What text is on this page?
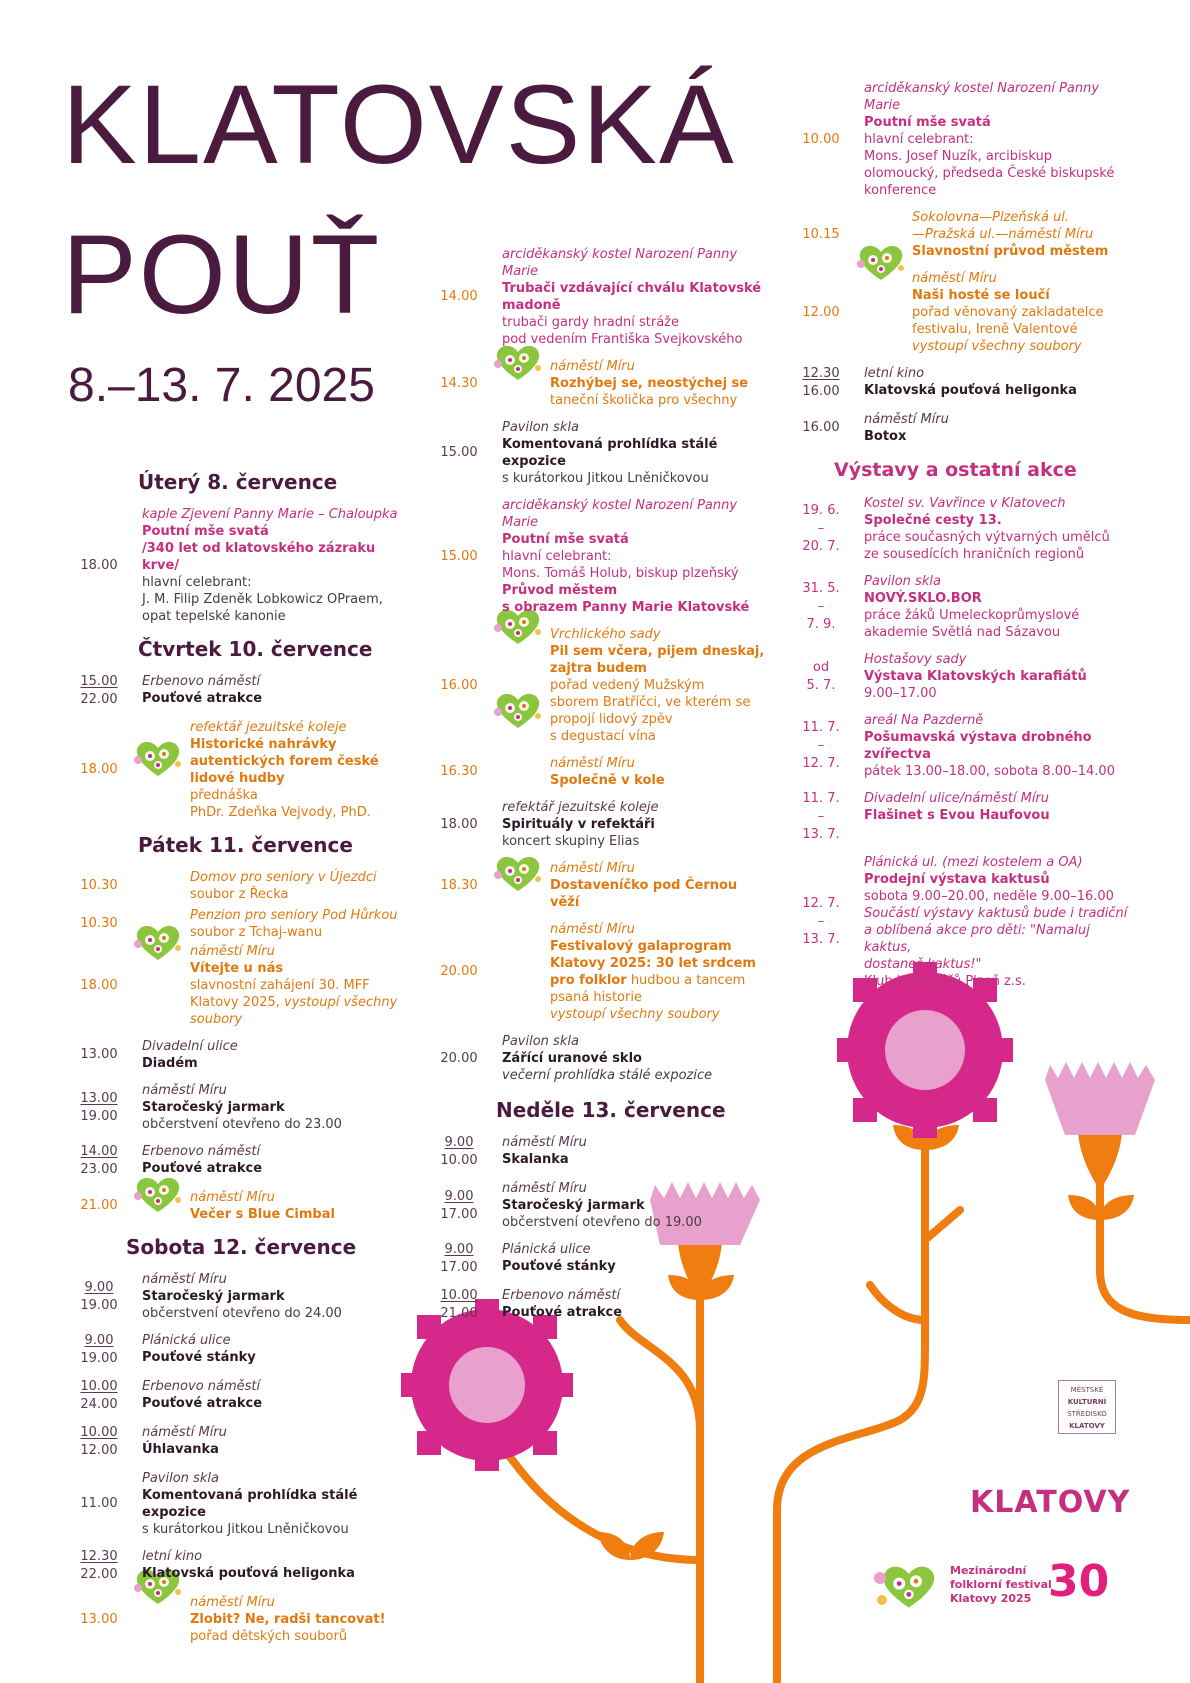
KLATOVSKÁ
POUŤ
8.–13. 7. 2025
Úterý 8. července
18.00
kaple Zjevení Panny Marie – Chaloupka
Poutní mše svatá
/340 let od klatovského zázraku krve/
hlavní celebrant:
J. M. Filip Zdeněk Lobkowicz OPraem,
opat tepelské kanonie
Čtvrtek 10. července
15.00
22.00
Erbenovo náměstí
Pouťové atrakce
18.00
refektář jezuitské koleje
Historické nahrávky
autentických forem české
lidové hudby
přednáška
PhDr. Zdeňka Vejvody, PhD.
Pátek 11. července
10.30
Domov pro seniory v Újezdci
soubor z Řecka
10.30
Penzion pro seniory Pod Hůrkou
soubor z Tchaj-wanu
18.00
náměstí Míru
Vítejte u nás
slavnostní zahájení 30. MFF
Klatovy 2025, vystoupí všechny
soubory
13.00
Divadelní ulice
Diadém
13.00
19.00
náměstí Míru
Staročeský jarmark
občerstvení otevřeno do 23.00
14.00
23.00
Erbenovo náměstí
Pouťové atrakce
21.00
náměstí Míru
Večer s Blue Cimbal
Sobota 12. července
9.00
19.00
náměstí Míru
Staročeský jarmark
občerstvení otevřeno do 24.00
9.00
19.00
Plánická ulice
Pouťové stánky
10.00
24.00
Erbenovo náměstí
Pouťové atrakce
10.00
12.00
náměstí Míru
Úhlavanka
11.00
Pavilon skla
Komentovaná prohlídka stálé expozice
s kurátorkou Jitkou Lněničkovou
12.30
22.00
letní kino
Klatovská pouťová heligonka
13.00
náměstí Míru
Zlobit? Ne, radši tancovat!
pořad dětských souborů
14.00
arciděkanský kostel Narození Panny Marie
Trubači vzdávající chválu Klatovské
madoně
trubači gardy hradní stráže
pod vedením Františka Svejkovského
14.30
náměstí Míru
Rozhýbej se, neostýchej se
taneční školička pro všechny
15.00
Pavilon skla
Komentovaná prohlídka stálé expozice
s kurátorkou Jitkou Lněničkovou
15.00
arciděkanský kostel Narození Panny Marie
Poutní mše svatá
hlavní celebrant:
Mons. Tomáš Holub, biskup plzeňský
Průvod městem
s obrazem Panny Marie Klatovské
16.00
Vrchlického sady
Pil sem včera, pijem dneskaj,
zajtra budem
pořad vedený Mužským
sborem Bratříčci, ve kterém se
propojí lidový zpěv
s degustací vína
16.30
náměstí Míru
Společně v kole
18.00
refektář jezuitské koleje
Spirituály v refektáři
koncert skupiny Elias
18.30
náměstí Míru
Dostaveníčko pod Černou věží
20.00
náměstí Míru
Festivalový galaprogram
Klatovy 2025: 30 let srdcem
pro folklor hudbou a tancem
psaná historie
vystoupí všechny soubory
20.00
Pavilon skla
Zářící uranové sklo
večerní prohlídka stálé expozice
Neděle 13. července
9.00
10.00
náměstí Míru
Skalanka
9.00
17.00
náměstí Míru
Staročeský jarmark
občerstvení otevřeno do 19.00
9.00
17.00
Plánická ulice
Pouťové stánky
10.00
21.00
Erbenovo náměstí
Pouťové atrakce
10.00
arciděkanský kostel Narození Panny Marie
Poutní mše svatá
hlavní celebrant:
Mons. Josef Nuzík, arcibiskup
olomoucký, předseda České biskupské
konference
10.15
Sokolovna—Plzeňská ul.
—Pražská ul.—náměstí Míru
Slavnostní průvod městem
12.00
náměstí Míru
Naši hosté se loučí
pořad věnovaný zakladatelce
festivalu, Ireně Valentové
vystoupí všechny soubory
12.30
16.00
letní kino
Klatovská pouťová heligonka
16.00
náměstí Míru
Botox
Výstavy a ostatní akce
19. 6.
–
20. 7.
Kostel sv. Vavřince v Klatovech
Společné cesty 13.
práce současných výtvarných umělců
ze sousedících hraničních regionů
31. 5.
–
7. 9.
Pavilon skla
NOVÝ.SKLO.BOR
práce žáků Umeleckoprůmyslové
akademie Světlá nad Sázavou
od
5. 7.
Hostašovy sady
Výstava Klatovských karafiátů
9.00–17.00
11. 7.
–
12. 7.
areál Na Pazderně
Pošumavská výstava drobného
zvířectva
pátek 13.00–18.00, sobota 8.00–14.00
11. 7.
–
13. 7.
Divadelní ulice/náměstí Míru
Flašinet s Evou Haufovou
12. 7.
–
13. 7.
Plánická ul. (mezi kostelem a OA)
Prodejní výstava kaktusů
sobota 9.00–20.00, neděle 9.00–16.00
Součástí výstavy kaktusů bude i tradiční
a oblíbená akce pro děti: "Namaluj kaktus,
dostaneš kaktus!"
Klub kaktusářů Plzeň z.s.
MĚSTSKÉ
KULTURNÍ
STŘEDISKO
KLATOVY
KLATOVY
Mezinárodní
folklorní festival
Klatovy 2025 30
